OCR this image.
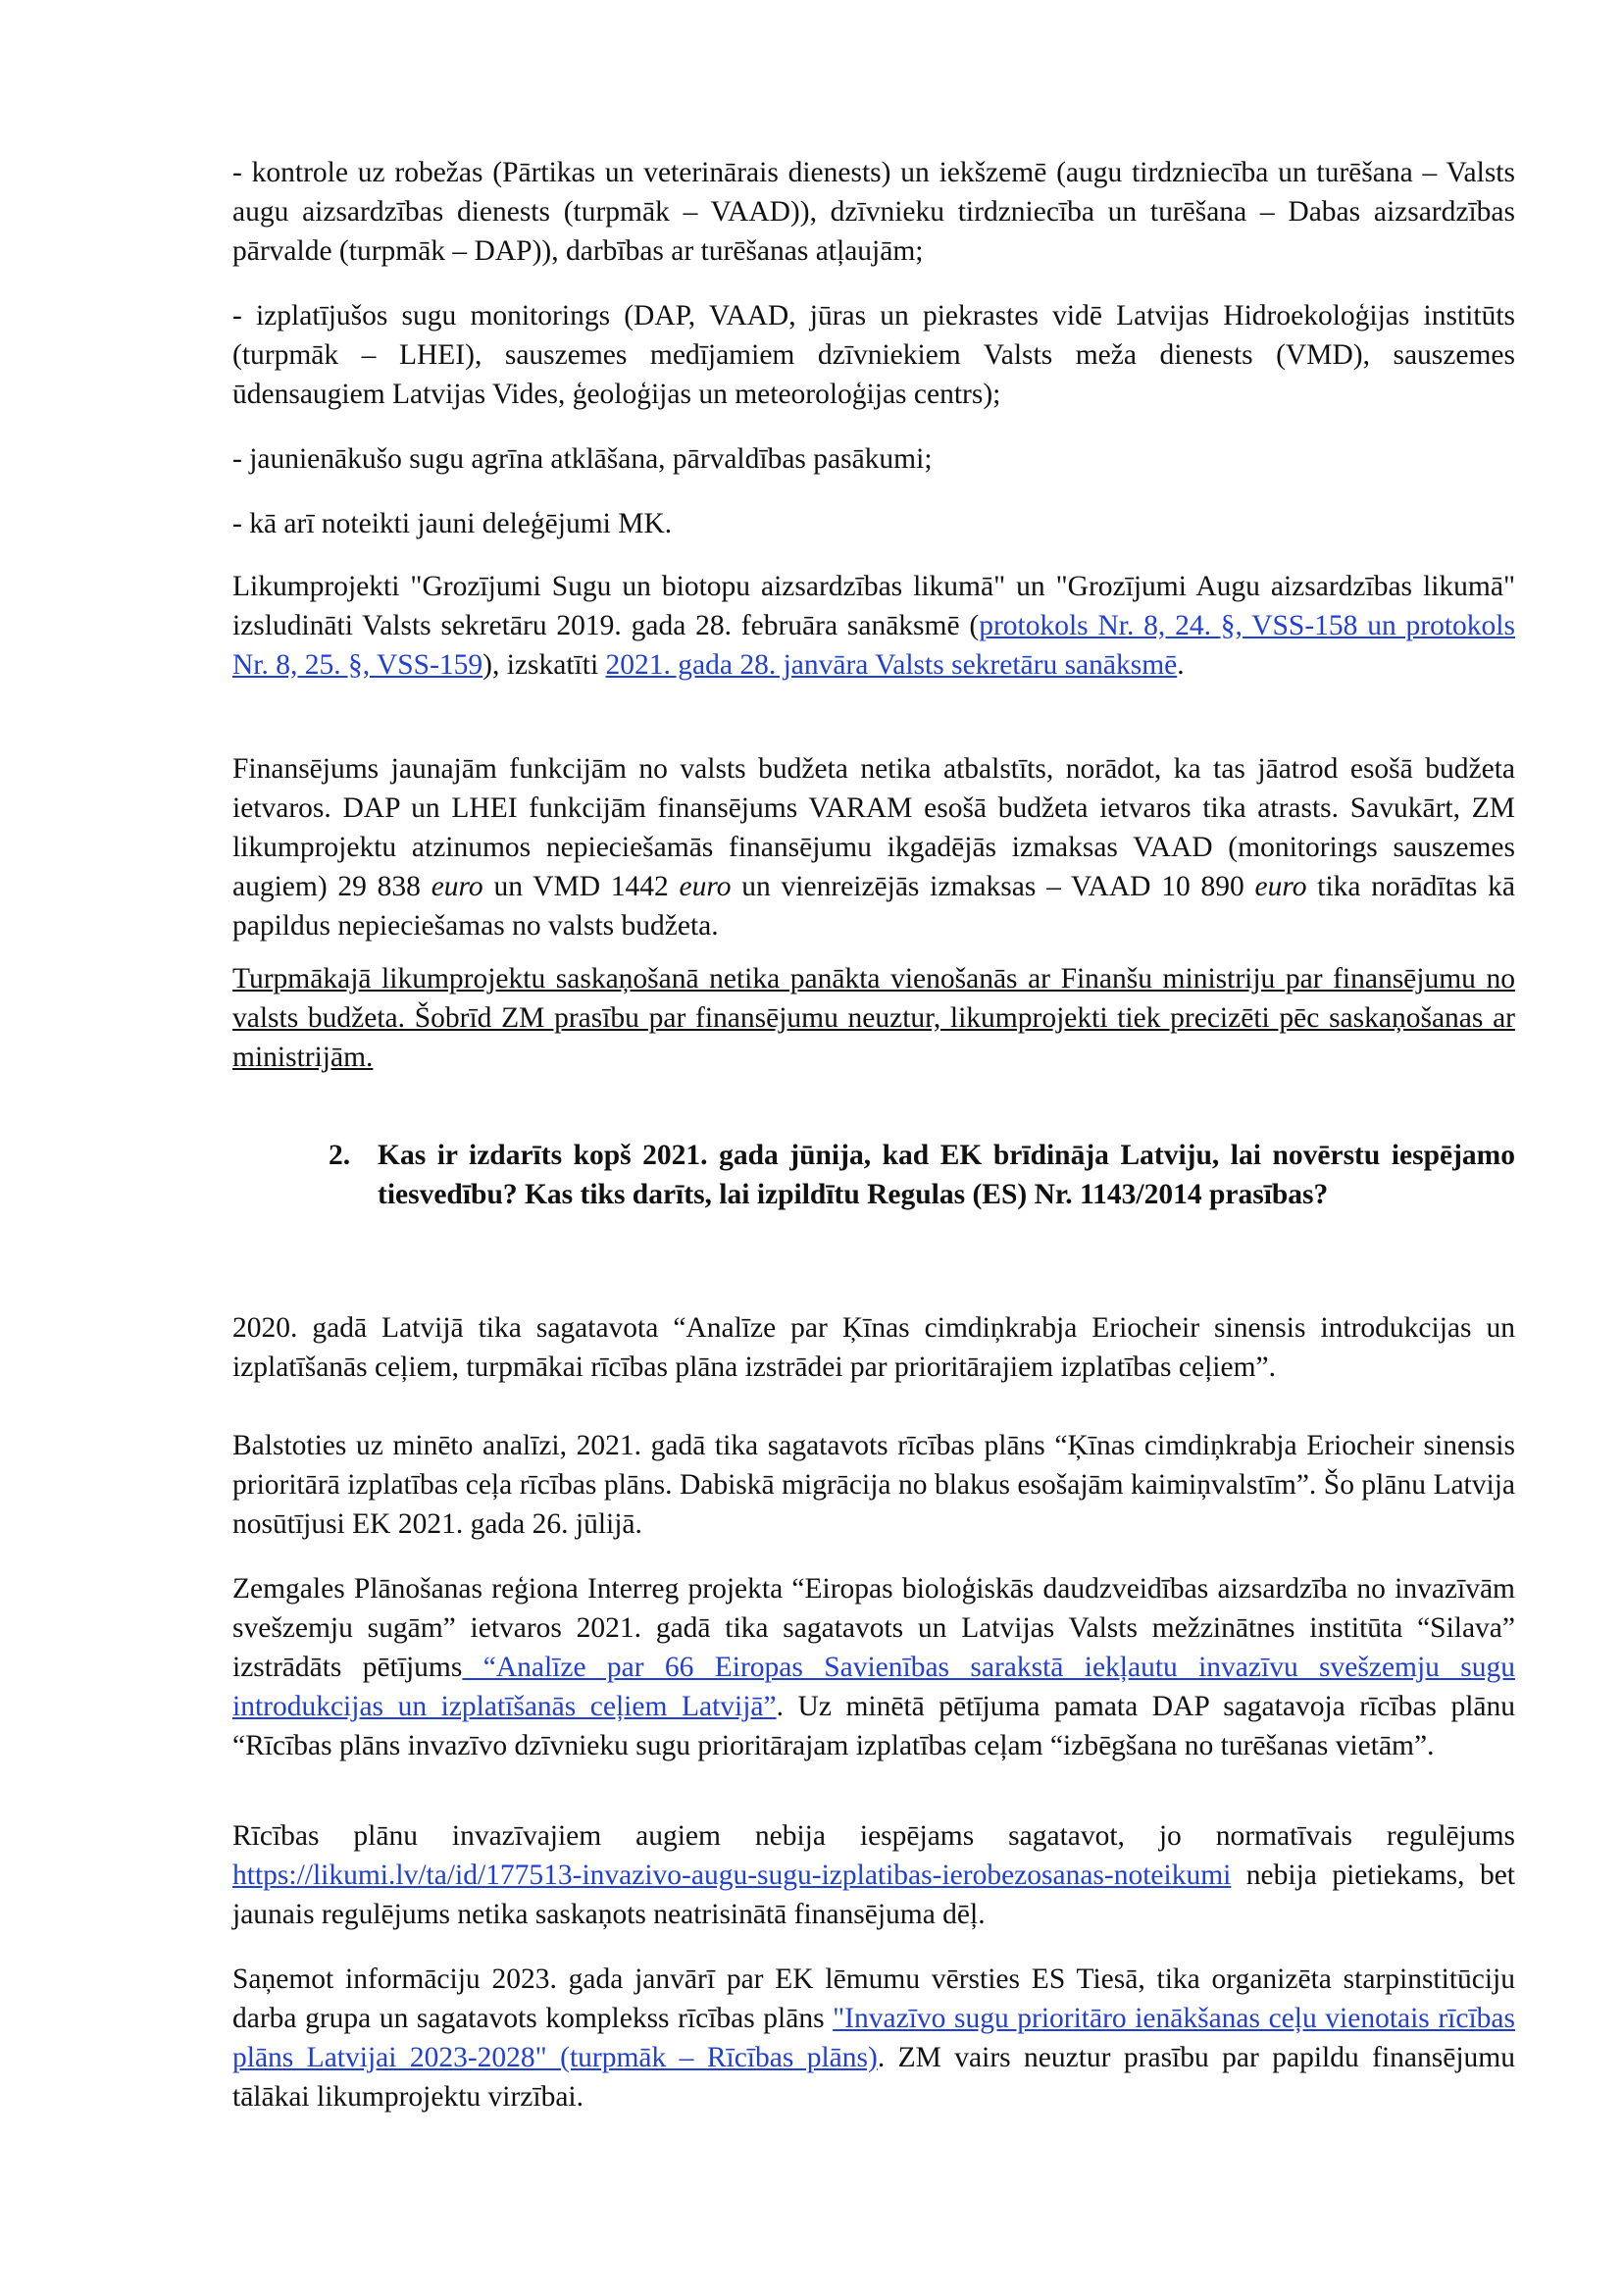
- kontrole uz robežas (Pārtikas un veterinārais dienests) un iekšzemē (augu tirdzniecība un turēšana – Valsts augu aizsardzības dienests (turpmāk – VAAD)), dzīvnieku tirdzniecība un turēšana – Dabas aizsardzības pārvalde (turpmāk – DAP)), darbības ar turēšanas atļaujām;

- izplatījušos sugu monitorings (DAP, VAAD, jūras un piekrastes vidē Latvijas Hidroekoloģijas institūts (turpmāk – LHEI), sauszemes medījamiem dzīvniekiem Valsts meža dienests (VMD), sauszemes ūdensaugiem Latvijas Vides, ģeoloģijas un meteoroloģijas centrs);

- jaunienākušo sugu agrīna atklāšana, pārvaldības pasākumi;

- kā arī noteikti jauni deleģējumi MK.

Likumprojekti "Grozījumi Sugu un biotopu aizsardzības likumā" un "Grozījumi Augu aizsardzības likumā" izsludināti Valsts sekretāru 2019. gada 28. februāra sanāksmē (protokols Nr. 8, 24. §, VSS-158 un protokols Nr. 8, 25. §, VSS-159), izskatīti 2021. gada 28. janvāra Valsts sekretāru sanāksmē.

Finansējums jaunajām funkcijām no valsts budžeta netika atbalstīts, norādot, ka tas jāatrod esošā budžeta ietvaros. DAP un LHEI funkcijām finansējums VARAM esošā budžeta ietvaros tika atrasts. Savukārt, ZM likumprojektu atzinumos nepieciešamās finansējumu ikgadējās izmaksas VAAD (monitorings sauszemes augiem) 29 838 euro un VMD 1442 euro un vienreizējās izmaksas – VAAD 10 890 euro tika norādītas kā papildus nepieciešamas no valsts budžeta.

Turpmākajā likumprojektu saskaņošanā netika panākta vienošanās ar Finanšu ministriju par finansējumu no valsts budžeta. Šobrīd ZM prasību par finansējumu neuztur, likumprojekti tiek precizēti pēc saskaņošanas ar ministrijām.

2. Kas ir izdarīts kopš 2021. gada jūnija, kad EK brīdināja Latviju, lai novērstu iespējamo tiesvedību? Kas tiks darīts, lai izpildītu Regulas (ES) Nr. 1143/2014 prasības?

2020. gadā Latvijā tika sagatavota “Analīze par Ķīnas cimdiņkrabja Eriocheir sinensis introdukcijas un izplatīšanās ceļiem, turpmākai rīcības plāna izstrādei par prioritārajiem izplatības ceļiem”.

Balstoties uz minēto analīzi, 2021. gadā tika sagatavots rīcības plāns “Ķīnas cimdiņkrabja Eriocheir sinensis prioritārā izplatības ceļa rīcības plāns. Dabiskā migrācija no blakus esošajām kaimiņvalstīm”. Šo plānu Latvija nosūtījusi EK 2021. gada 26. jūlijā.

Zemgales Plānošanas reģiona Interreg projekta “Eiropas bioloģiskās daudzveidības aizsardzība no invazīvām svešzemju sugām” ietvaros 2021. gadā tika sagatavots un Latvijas Valsts mežzinātnes institūta “Silava” izstrādāts pētījums “Analīze par 66 Eiropas Savienības sarakstā iekļautu invazīvu svešzemju sugu introdukcijas un izplatīšanās ceļiem Latvijā”. Uz minētā pētījuma pamata DAP sagatavoja rīcības plānu “Rīcības plāns invazīvo dzīvnieku sugu prioritārajam izplatības ceļam “izbēgšana no turēšanas vietām”.

Rīcības plānu invazīvajiem augiem nebija iespējams sagatavot, jo normatīvais regulējums https://likumi.lv/ta/id/177513-invazivo-augu-sugu-izplatibas-ierobezosanas-noteikumi nebija pietiekams, bet jaunais regulējums netika saskaņots neatrisinātā finansējuma dēļ.

Saņemot informāciju 2023. gada janvārī par EK lēmumu vērsties ES Tiesā, tika organizēta starpinstitūciju darba grupa un sagatavots komplekss rīcības plāns "Invazīvo sugu prioritāro ienākšanas ceļu vienotais rīcības plāns Latvijai 2023-2028" (turpmāk – Rīcības plāns). ZM vairs neuztur prasību par papildu finansējumu tālākai likumprojektu virzībai.
